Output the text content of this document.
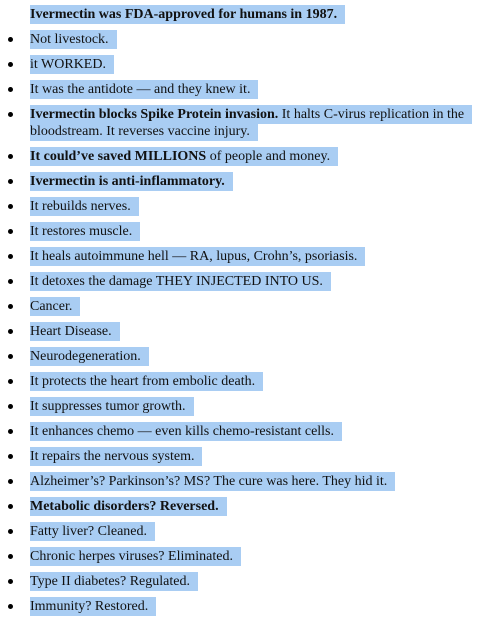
Ivermectin was FDA-approved for humans in 1987.
Not livestock.
it WORKED.
It was the antidote — and they knew it.
Ivermectin blocks Spike Protein invasion. It halts C-virus replication in the bloodstream. It reverses vaccine injury.
It could’ve saved MILLIONS of people and money.
Ivermectin is anti-inflammatory.
It rebuilds nerves.
It restores muscle.
It heals autoimmune hell — RA, lupus, Crohn’s, psoriasis.
It detoxes the damage THEY INJECTED INTO US.
Cancer.
Heart Disease.
Neurodegeneration.
It protects the heart from embolic death.
It suppresses tumor growth.
It enhances chemo — even kills chemo-resistant cells.
It repairs the nervous system.
Alzheimer’s? Parkinson’s? MS? The cure was here. They hid it.
Metabolic disorders? Reversed.
Fatty liver? Cleaned.
Chronic herpes viruses? Eliminated.
Type II diabetes? Regulated.
Immunity? Restored.
